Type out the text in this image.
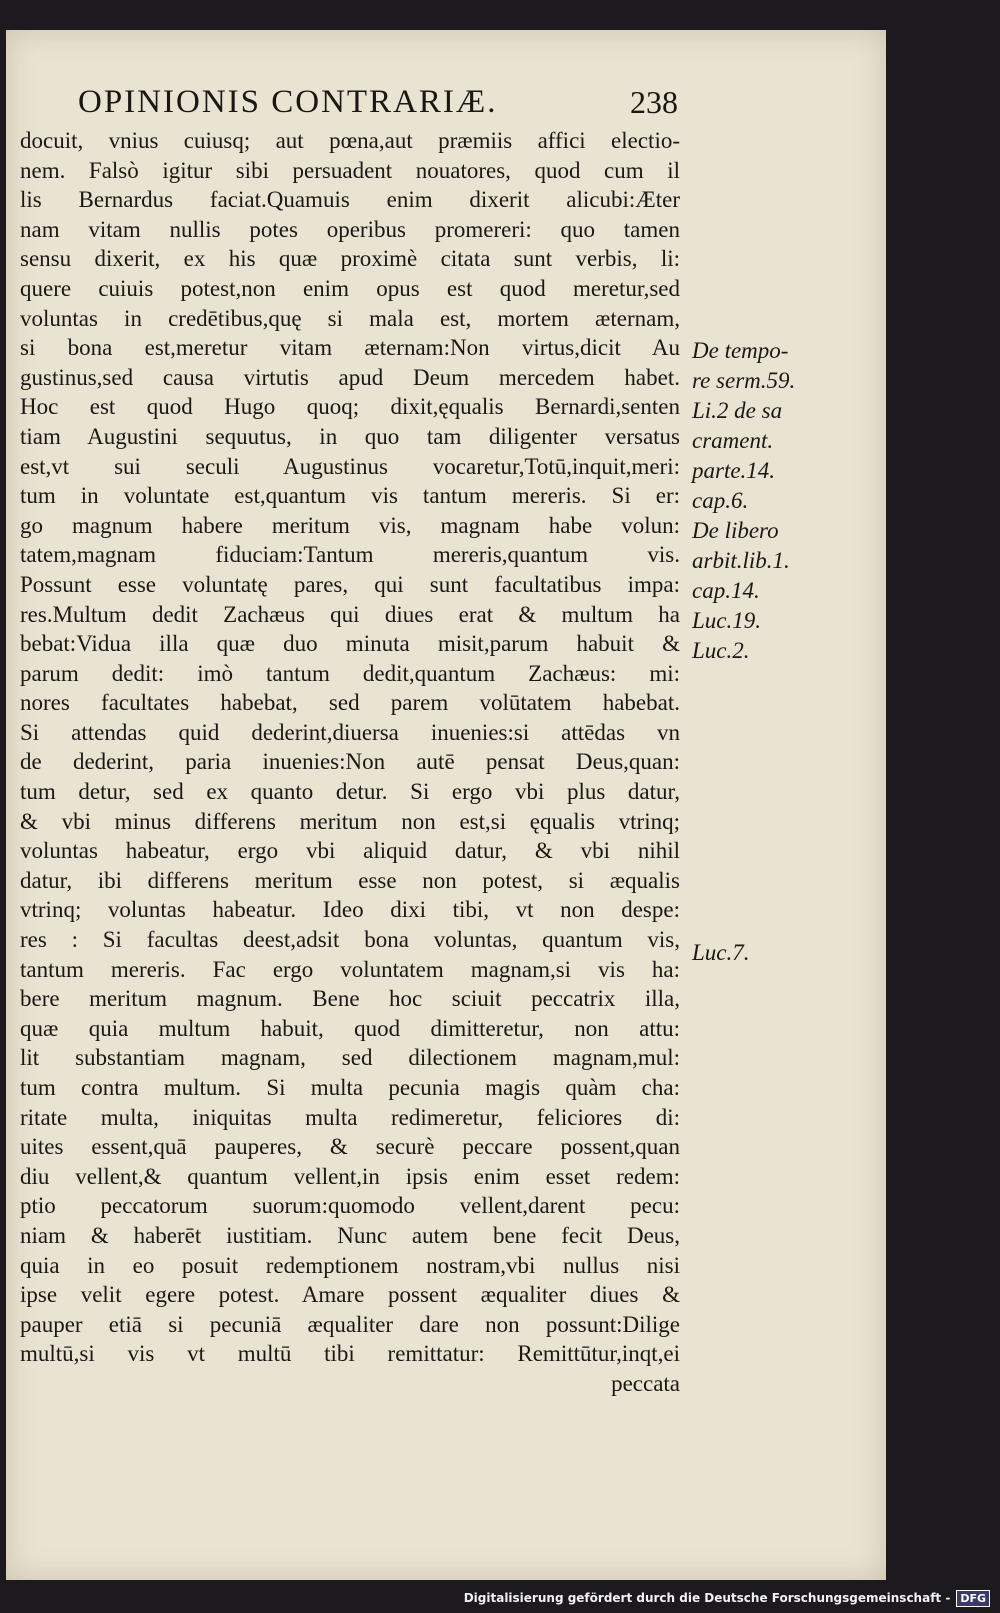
OPINIONIS CONTRARIÆ.	238
docuit, vnius cuiusq; aut pœna,aut præmiis affici electio-
nem. Falsò igitur sibi persuadent nouatores, quod cum il
lis Bernardus faciat.Quamuis enim dixerit alicubi:Æter
nam vitam nullis potes operibus promereri: quo tamen
sensu dixerit, ex his quæ proximè citata sunt verbis, li:
quere cuiuis potest,non enim opus est quod meretur,sed
voluntas in credētibus,quę si mala est, mortem æternam,
si bona est,meretur vitam æternam:Non virtus,dicit Au
gustinus,sed causa virtutis apud Deum mercedem habet.
Hoc est quod Hugo quoq; dixit,ęqualis Bernardi,senten
tiam Augustini sequutus, in quo tam diligenter versatus
est,vt sui seculi Augustinus vocaretur,Totū,inquit,meri:
tum in voluntate est,quantum vis tantum mereris. Si er:
go magnum habere meritum vis, magnam habe volun:
tatem,magnam fiduciam:Tantum mereris,quantum vis.
Possunt esse voluntatę pares, qui sunt facultatibus impa:
res.Multum dedit Zachæus qui diues erat & multum ha
bebat:Vidua illa quæ duo minuta misit,parum habuit &
parum dedit: imò tantum dedit,quantum Zachæus: mi:
nores facultates habebat, sed parem volūtatem habebat.
Si attendas quid dederint,diuersa inuenies:si attēdas vn
de dederint, paria inuenies:Non autē pensat Deus,quan:
tum detur, sed ex quanto detur. Si ergo vbi plus datur,
& vbi minus differens meritum non est,si ęqualis vtrinq;
voluntas habeatur, ergo vbi aliquid datur, & vbi nihil
datur, ibi differens meritum esse non potest, si æqualis
vtrinq; voluntas habeatur. Ideo dixi tibi, vt non despe:
res : Si facultas deest,adsit bona voluntas, quantum vis,
tantum mereris. Fac ergo voluntatem magnam,si vis ha:
bere meritum magnum. Bene hoc sciuit peccatrix illa,
quæ quia multum habuit, quod dimitteretur, non attu:
lit substantiam magnam, sed dilectionem magnam,mul:
tum contra multum. Si multa pecunia magis quàm cha:
ritate multa, iniquitas multa redimeretur, feliciores di:
uites essent,quā pauperes, & securè peccare possent,quan
diu vellent,& quantum vellent,in ipsis enim esset redem:
ptio peccatorum suorum:quomodo vellent,darent pecu:
niam & haberēt iustitiam. Nunc autem bene fecit Deus,
quia in eo posuit redemptionem nostram,vbi nullus nisi
ipse velit egere potest. Amare possent æqualiter diues &
pauper etiā si pecuniā æqualiter dare non possunt:Dilige
multū,si vis vt multū tibi remittatur: Remittūtur,inqt,ei
peccata
De tempo-
re serm.59.
Li.2 de sa
crament.
parte.14.
cap.6.
De libero
arbit.lib.1.
cap.14.
Luc.19.
Luc.2.
Luc.7.
Digitalisierung gefördert durch die Deutsche Forschungsgemeinschaft - DFG
